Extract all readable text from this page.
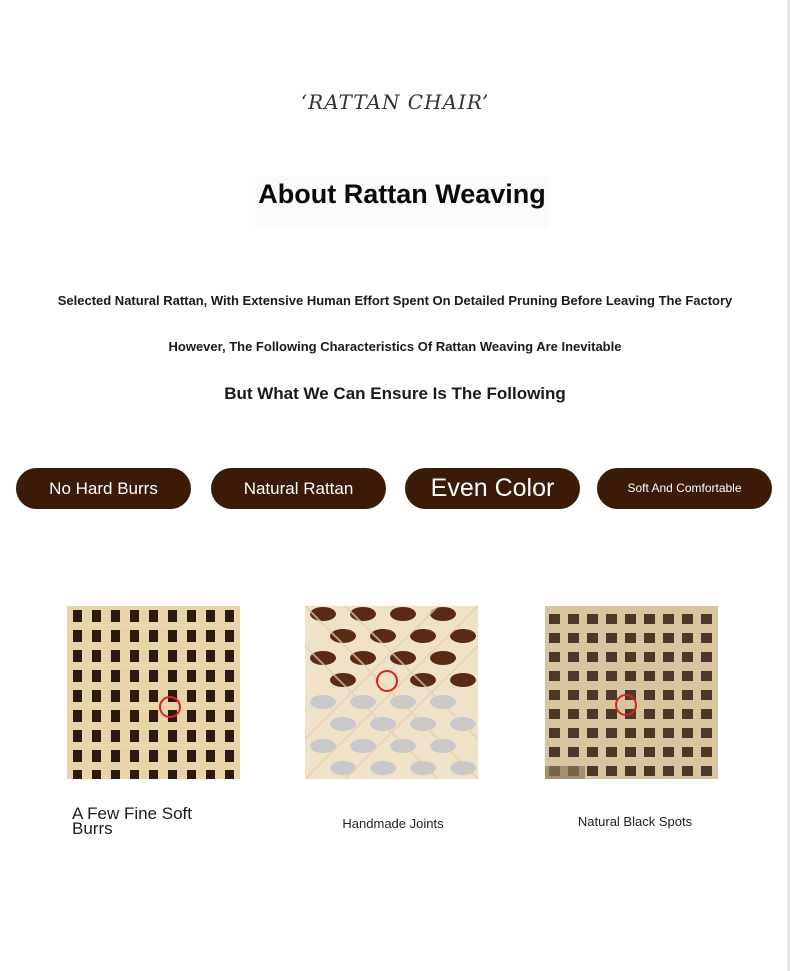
‘RATTAN CHAIR’
About Rattan Weaving
Selected Natural Rattan, With Extensive Human Effort Spent On Detailed Pruning Before Leaving The Factory
However, The Following Characteristics Of Rattan Weaving Are Inevitable
But What We Can Ensure Is The Following
No Hard Burrs	Natural Rattan	Even Color	Soft And Comfortable
A Few Fine Soft Burrs	Handmade Joints	Natural Black Spots
